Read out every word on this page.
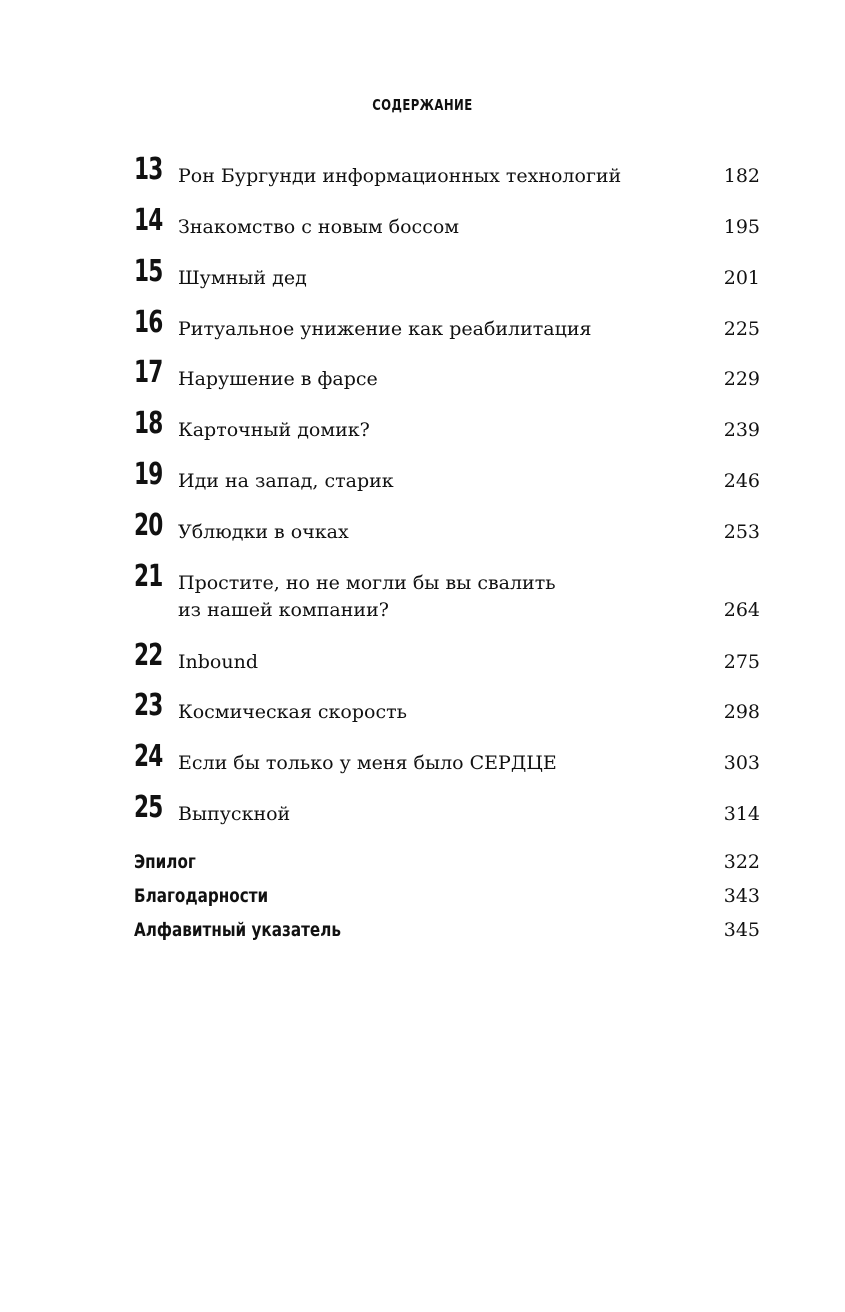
СОДЕРЖАНИЕ
13 Рон Бургунди информационных технологий	182
14 Знакомство с новым боссом	195
15 Шумный дед	201
16 Ритуальное унижение как реабилитация	225
17 Нарушение в фарсе	229
18 Карточный домик?	239
19 Иди на запад, старик	246
20 Ублюдки в очках	253
21 Простите, но не могли бы вы свалить
из нашей компании?	264
22 Inbound	275
23 Космическая скорость	298
24 Если бы только у меня было СЕРДЦЕ	303
25 Выпускной	314
Эпилог	322
Благодарности	343
Алфавитный указатель	345
